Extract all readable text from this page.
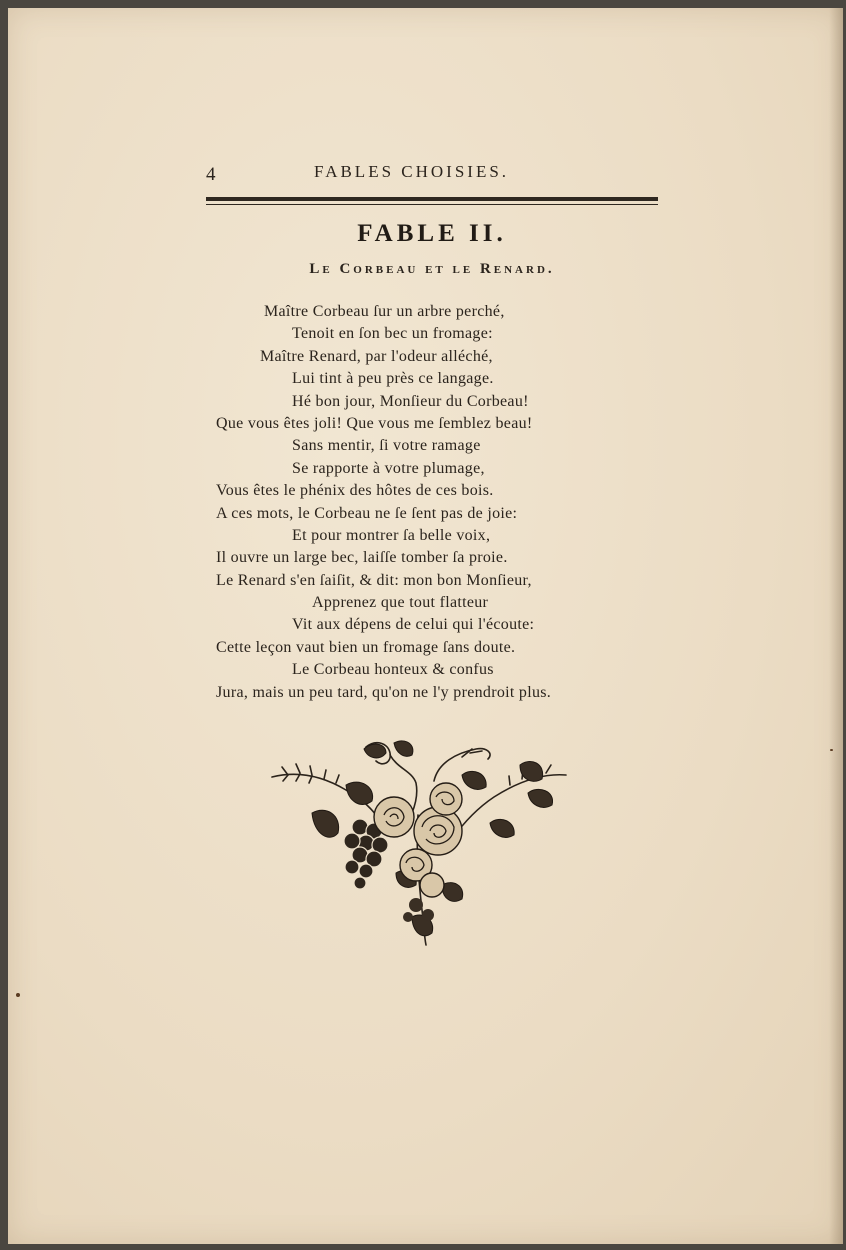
4	FABLES CHOISIES.
FABLE II.
Le Corbeau et le Renard.
Maître Corbeau ſur un arbre perché,
Tenoit en ſon bec un fromage:
Maître Renard, par l'odeur alléché,
Lui tint à peu près ce langage.
Hé bon jour, Monſieur du Corbeau!
Que vous êtes joli! Que vous me ſemblez beau!
Sans mentir, ſi votre ramage
Se rapporte à votre plumage,
Vous êtes le phénix des hôtes de ces bois.
A ces mots, le Corbeau ne ſe ſent pas de joie:
Et pour montrer ſa belle voix,
Il ouvre un large bec, laiſſe tomber ſa proie.
Le Renard s'en ſaiſit, & dit: mon bon Monſieur,
Apprenez que tout flatteur
Vit aux dépens de celui qui l'écoute:
Cette leçon vaut bien un fromage ſans doute.
Le Corbeau honteux & confus
Jura, mais un peu tard, qu'on ne l'y prendroit plus.
